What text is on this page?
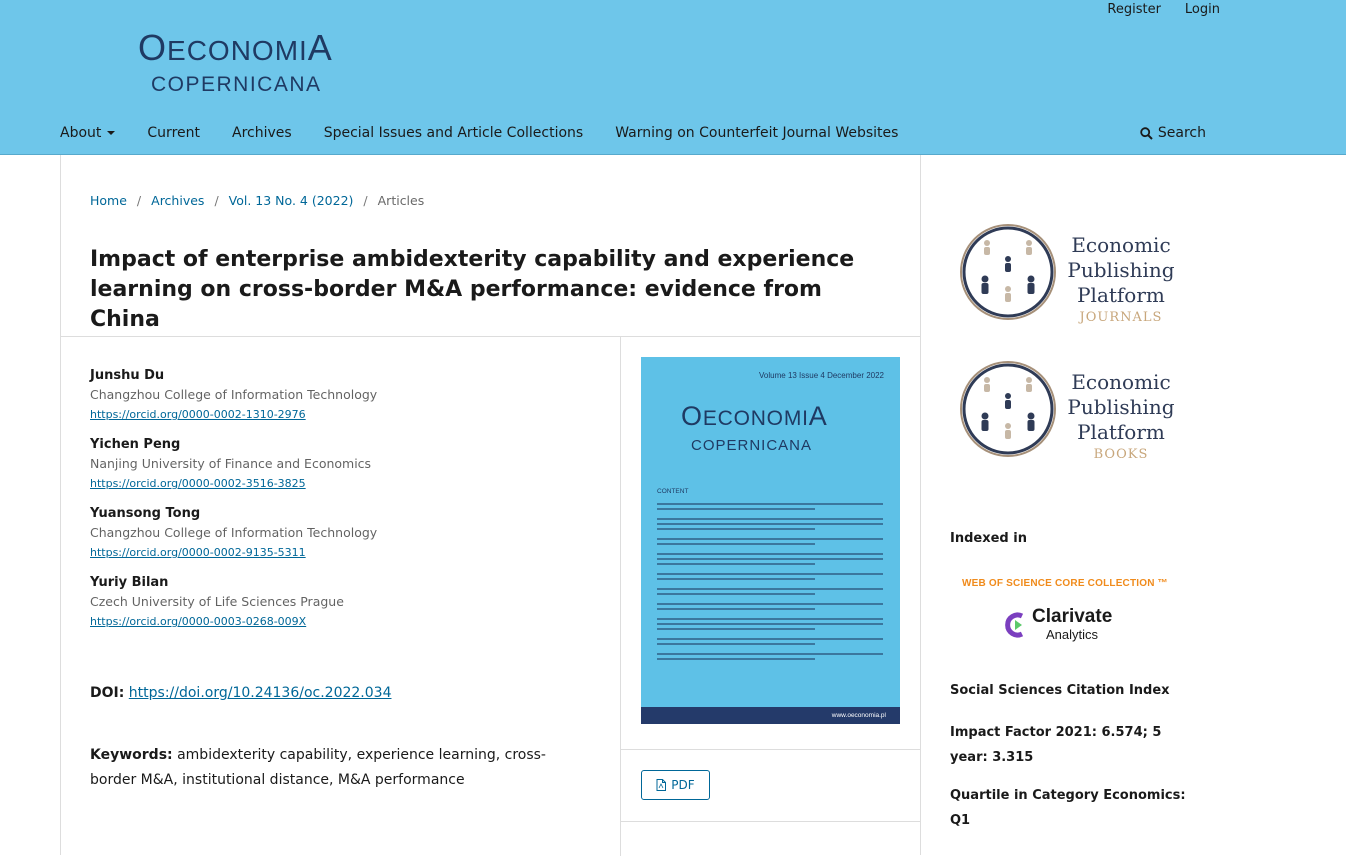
Register Login
OECONOMIA
COPERNICANA
About	Current Archives Special Issues and Article Collections Warning on Counterfeit Journal Websites	Search
Home / Archives / Vol. 13 No. 4 (2022) / Articles
Impact of enterprise ambidexterity capability and experience learning on cross-border M&A performance: evidence from China
Junshu Du
Changzhou College of Information Technology
https://orcid.org/0000-0002-1310-2976
Yichen Peng
Nanjing University of Finance and Economics
https://orcid.org/0000-0002-3516-3825
Yuansong Tong
Changzhou College of Information Technology
https://orcid.org/0000-0002-9135-5311
Yuriy Bilan
Czech University of Life Sciences Prague
https://orcid.org/0000-0003-0268-009X
DOI: https://doi.org/10.24136/oc.2022.034
Keywords: ambidexterity capability, experience learning, cross-border M&A, institutional distance, M&A performance
Volume 13 Issue 4 December 2022
OECONOMIA
COPERNICANA
CONTENT
www.oeconomia.pl
PDF
Economic
Publishing
Platform
JOURNALS
Economic
Publishing
Platform
BOOKS
Indexed in
WEB OF SCIENCE CORE COLLECTION ™
Clarivate
Analytics
Social Sciences Citation Index
Impact Factor 2021: 6.574; 5 year: 3.315
Quartile in Category Economics: Q1
